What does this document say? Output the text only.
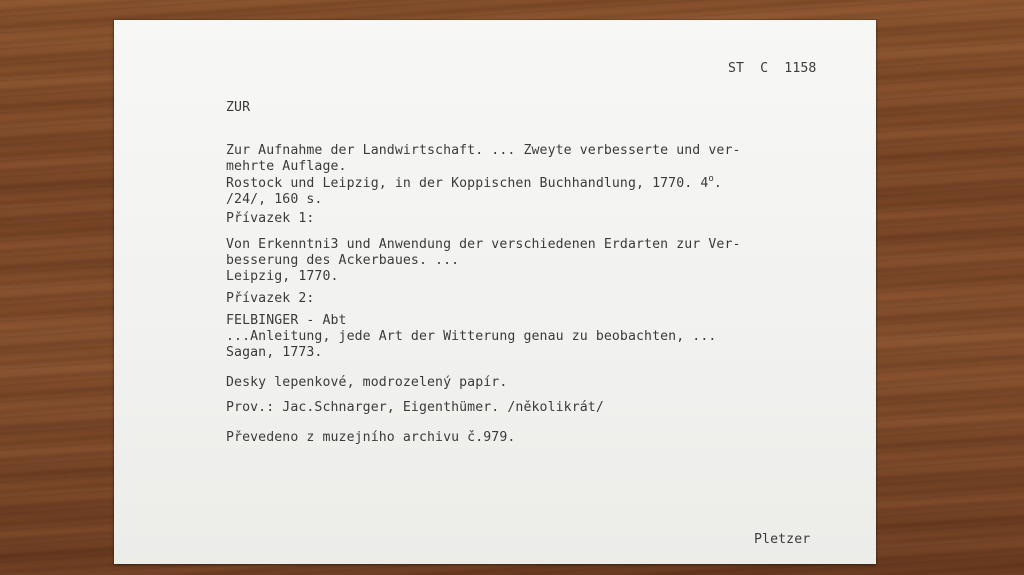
ST  C  1158

ZUR

Zur Aufnahme der Landwirtschaft. ... Zweyte verbesserte und ver-

mehrte Auflage.

Rostock und Leipzig, in der Koppischen Buchhandlung, 1770. 4$^o$.

/24/, 160 s.

Přívazek 1:

Von Erkenntni3 und Anwendung der verschiedenen Erdarten zur Ver-

besserung des Ackerbaues. ...

Leipzig, 1770.

Přívazek 2:

FELBINGER - Abt

...Anleitung, jede Art der Witterung genau zu beobachten, ...

Sagan, 1773.

Desky lepenkové, modrozelený papír.

Prov.: Jac.Schnarger, Eigenthümer. /několikrát/

Převedeno z muzejního archivu č.979.

Pletzer
